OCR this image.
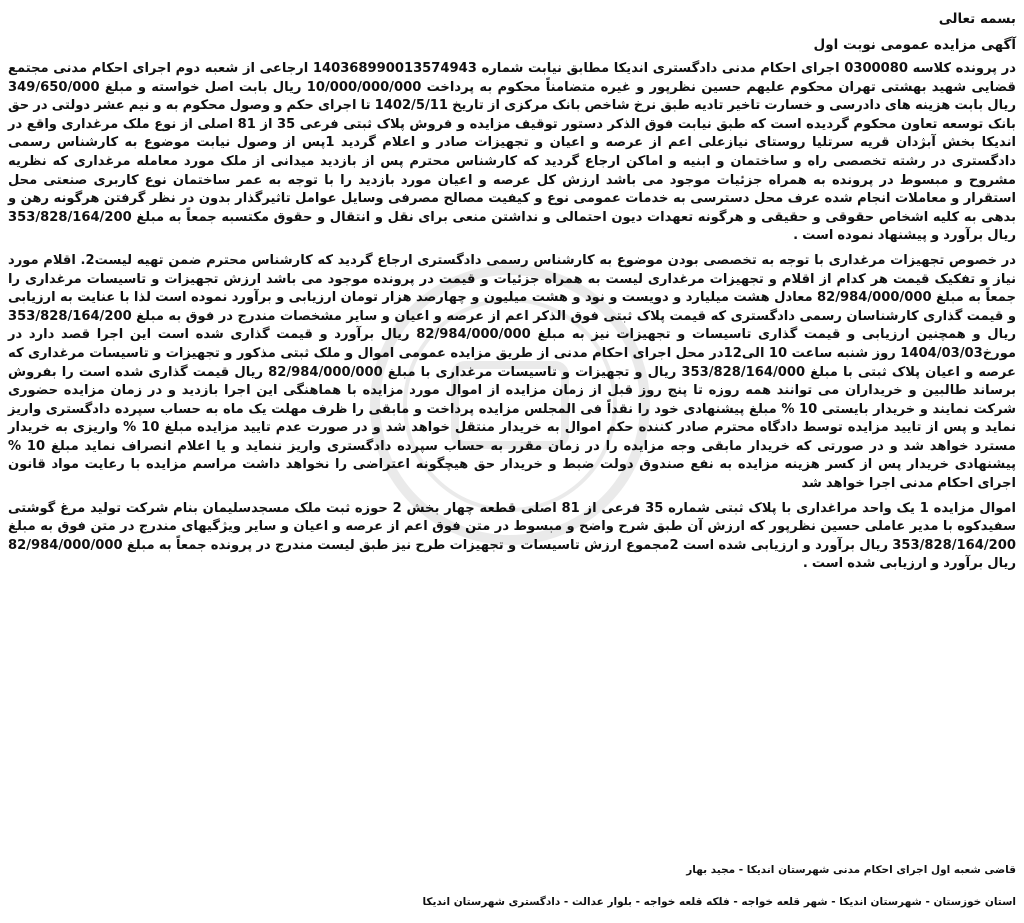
بسمه تعالی

آگهی مزایده عمومی نوبت اول

در پرونده کلاسه 0300080 اجرای احکام مدنی دادگستری اندیکا مطابق نیابت شماره 14036899001357494‌3 ارجاعی از شعبه دوم اجرای احکام مدنی مجتمع قضایی شهید بهشتی تهران محکوم علیهم حسین نظرپور و غیره متضامناً محکوم به پرداخت 10/000/000/000 ریال بابت اصل خواسته و مبلغ 349/650/000 ریال بابت هزینه های دادرسی و خسارت تاخیر تادیه طبق نرخ شاخص بانک مرکزی از تاریخ 1402/5/11 تا اجرای حکم و وصول محکوم به و نیم عشر دولتی در حق بانک توسعه تعاون محکوم گردیده است که طبق نیابت فوق الذکر دستور توقیف مزایده و فروش پلاک ثبتی فرعی 35 از 81 اصلی از نوع ملک مرغداری واقع در اندیکا بخش آبژدان قریه سرتلیا روستای نیازعلی اعم از عرصه و اعیان و تجهیزات صادر و اعلام گردید 1پس از وصول نیابت موضوع به کارشناس رسمی دادگستری در رشته تخصصی راه و ساختمان و ابنیه و اماکن ارجاع گردید که کارشناس محترم پس از بازدید میدانی از ملک مورد معامله مرغداری که نظریه مشروح و مبسوط در پرونده به همراه جزئیات موجود می باشد ارزش کل عرصه و اعیان مورد بازدید را با توجه به عمر ساختمان نوع کاربری صنعتی محل استقرار و معاملات انجام شده عرف محل دسترسی به خدمات عمومی نوع و کیفیت مصالح مصرفی وسایل عوامل تاثیرگذار بدون در نظر گرفتن هرگونه رهن و بدهی به کلیه اشخاص حقوقی و حقیقی و هرگونه تعهدات دیون احتمالی و نداشتن منعی برای نقل و انتقال و حقوق مکتسبه جمعاً به مبلغ 353/828/164/200 ریال برآورد و پیشنهاد نموده است .

در خصوص تجهیزات مرغداری با توجه به تخصصی بودن موضوع به کارشناس رسمی دادگستری ارجاع گردید که کارشناس محترم ضمن تهیه لیست2. اقلام مورد نیاز و تفکیک قیمت هر کدام از اقلام و تجهیزات مرغداری لیست به همراه جزئیات و قیمت در پرونده موجود می باشد ارزش تجهیزات و تاسیسات مرغداری را جمعاً به مبلغ 82/984/000/000 معادل هشت میلیارد و دویست و نود و هشت میلیون و چهارصد هزار تومان ارزیابی و برآورد نموده است لذا با عنایت به ارزیابی و قیمت گذاری کارشناسان رسمی دادگستری که قیمت پلاک ثبتی فوق الذکر اعم از عرصه و اعیان و سایر مشخصات مندرج در فوق به مبلغ 353/828/164/200 ریال و همچنین ارزیابی و قیمت گذاری تاسیسات و تجهیزات نیز به مبلغ 82/984/000/000 ریال برآورد و قیمت گذاری شده است این اجرا قصد دارد در مورخ1404/03/03 روز شنبه ساعت 10 الی12در محل اجرای احکام مدنی از طریق مزایده عمومی اموال و ملک ثبتی مذکور و تجهیزات و تاسیسات مرغداری که عرصه و اعیان پلاک ثبتی با مبلغ 353/828/164/000 ریال و تجهیزات و تاسیسات مرغداری با مبلغ 82/984/000/000 ریال قیمت گذاری شده است را بفروش برساند طالبین و خریداران می توانند همه روزه تا پنج روز قبل از زمان مزایده از اموال مورد مزایده با هماهنگی این اجرا بازدید و در زمان مزایده حضوری شرکت نمایند و خریدار بایستی 10 % مبلغ پیشنهادی خود را نقداً فی المجلس مزایده پرداخت و مابقی را ظرف مهلت یک ماه به حساب سپرده دادگستری واریز نماید و پس از تایید مزایده توسط دادگاه محترم صادر کننده حکم اموال به خریدار منتقل خواهد شد و در صورت عدم تایید مزایده مبلغ 10 % واریزی به خریدار مسترد خواهد شد و در صورتی که خریدار مابقی وجه مزایده را در زمان مقرر به حساب سپرده دادگستری واریز ننماید و یا اعلام انصراف نماید مبلغ 10 % پیشنهادی خریدار پس از کسر هزینه مزایده به نفع صندوق دولت ضبط و خریدار حق هیچگونه اعتراضی را نخواهد داشت مراسم مزایده با رعایت مواد قانون اجرای احکام مدنی اجرا خواهد شد

اموال مزایده 1 یک واحد مراغداری با پلاک ثبتی شماره 35 فرعی از 81 اصلی قطعه چهار بخش 2 حوزه ثبت ملک مسجدسلیمان بنام شرکت تولید مرغ گوشتی سفیدکوه با مدیر عاملی حسین نظرپور که ارزش آن طبق شرح واضح و مبسوط در متن فوق اعم از عرصه و اعیان و سایر ویژگیهای مندرج در متن فوق به مبلغ 353/828/164/200 ریال برآورد و ارزیابی شده است 2مجموع ارزش تاسیسات و تجهیزات طرح نیز طبق لیست مندرج در پرونده جمعاً به مبلغ 82/984/000/000 ریال برآورد و ارزیابی شده است .

قاضی شعبه اول اجرای احکام مدنی شهرستان اندیکا - مجید بهار
استان خوزستان - شهرستان اندیکا - شهر قلعه خواجه - فلکه قلعه خواجه - بلوار عدالت - دادگستری شهرستان اندیکا
